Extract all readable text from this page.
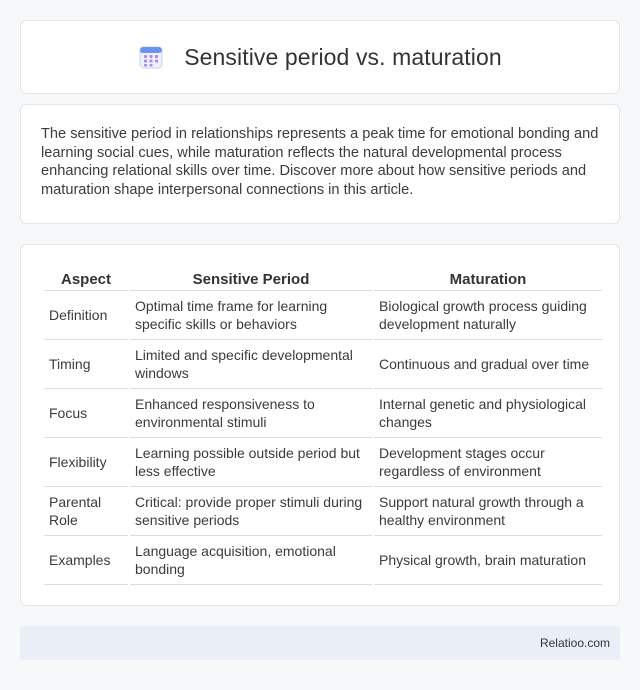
Sensitive period vs. maturation

The sensitive period in relationships represents a peak time for emotional bonding and learning social cues, while maturation reflects the natural developmental process enhancing relational skills over time. Discover more about how sensitive periods and maturation shape interpersonal connections in this article.

Aspect	Sensitive Period	Maturation
Definition	Optimal time frame for learning specific skills or behaviors	Biological growth process guiding development naturally
Timing	Limited and specific developmental windows	Continuous and gradual over time
Focus	Enhanced responsiveness to environmental stimuli	Internal genetic and physiological changes
Flexibility	Learning possible outside period but less effective	Development stages occur regardless of environment
Parental Role	Critical: provide proper stimuli during sensitive periods	Support natural growth through a healthy environment
Examples	Language acquisition, emotional bonding	Physical growth, brain maturation
Relatioo.com
